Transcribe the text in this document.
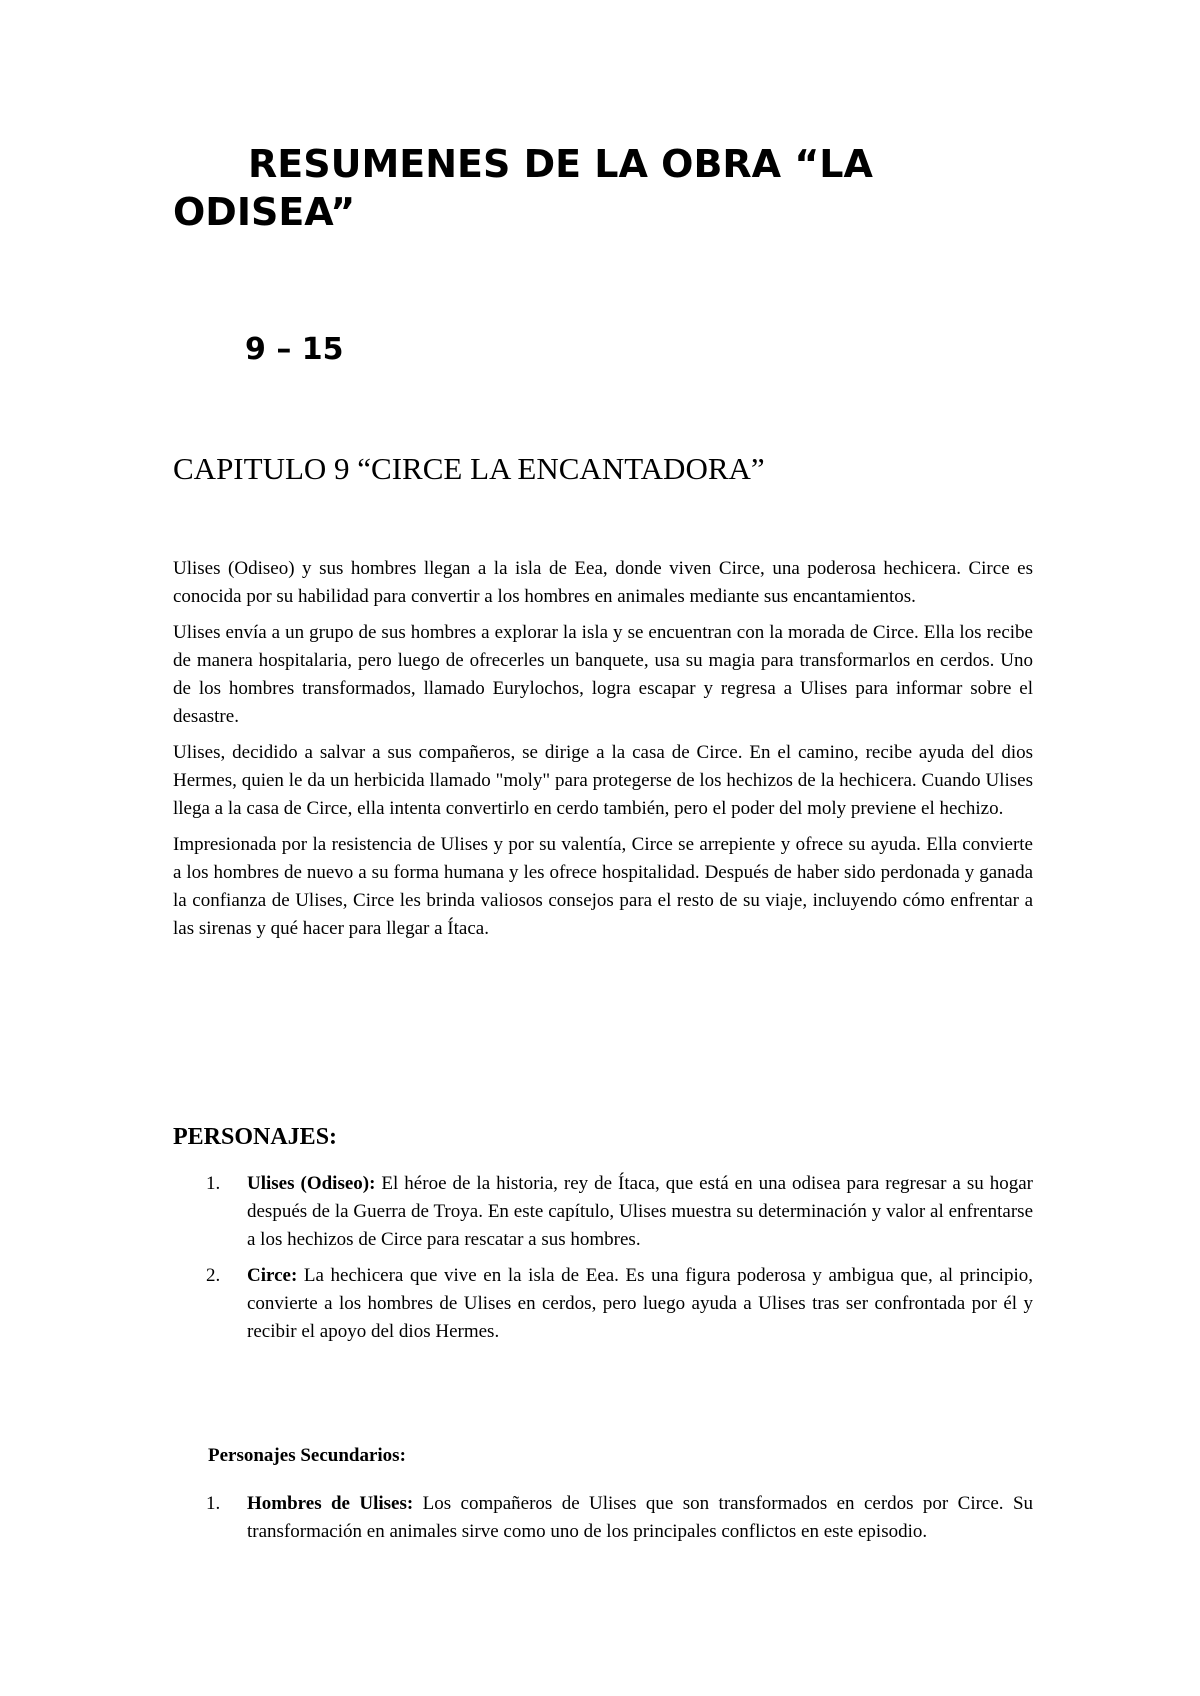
RESUMENES DE LA OBRA “LA ODISEA”
9 – 15
CAPITULO 9 “CIRCE LA ENCANTADORA”

Ulises (Odiseo) y sus hombres llegan a la isla de Eea, donde viven Circe, una poderosa hechicera. Circe es conocida por su habilidad para convertir a los hombres en animales mediante sus encantamientos.

Ulises envía a un grupo de sus hombres a explorar la isla y se encuentran con la morada de Circe. Ella los recibe de manera hospitalaria, pero luego de ofrecerles un banquete, usa su magia para transformarlos en cerdos. Uno de los hombres transformados, llamado Eurylochos, logra escapar y regresa a Ulises para informar sobre el desastre.

Ulises, decidido a salvar a sus compañeros, se dirige a la casa de Circe. En el camino, recibe ayuda del dios Hermes, quien le da un herbicida llamado "moly" para protegerse de los hechizos de la hechicera. Cuando Ulises llega a la casa de Circe, ella intenta convertirlo en cerdo también, pero el poder del moly previene el hechizo.

Impresionada por la resistencia de Ulises y por su valentía, Circe se arrepiente y ofrece su ayuda. Ella convierte a los hombres de nuevo a su forma humana y les ofrece hospitalidad. Después de haber sido perdonada y ganada la confianza de Ulises, Circe les brinda valiosos consejos para el resto de su viaje, incluyendo cómo enfrentar a las sirenas y qué hacer para llegar a Ítaca.

PERSONAJES:
1. Ulises (Odiseo): El héroe de la historia, rey de Ítaca, que está en una odisea para regresar a su hogar después de la Guerra de Troya. En este capítulo, Ulises muestra su determinación y valor al enfrentarse a los hechizos de Circe para rescatar a sus hombres.
2. Circe: La hechicera que vive en la isla de Eea. Es una figura poderosa y ambigua que, al principio, convierte a los hombres de Ulises en cerdos, pero luego ayuda a Ulises tras ser confrontada por él y recibir el apoyo del dios Hermes.
Personajes Secundarios:
1. Hombres de Ulises: Los compañeros de Ulises que son transformados en cerdos por Circe. Su transformación en animales sirve como uno de los principales conflictos en este episodio.
